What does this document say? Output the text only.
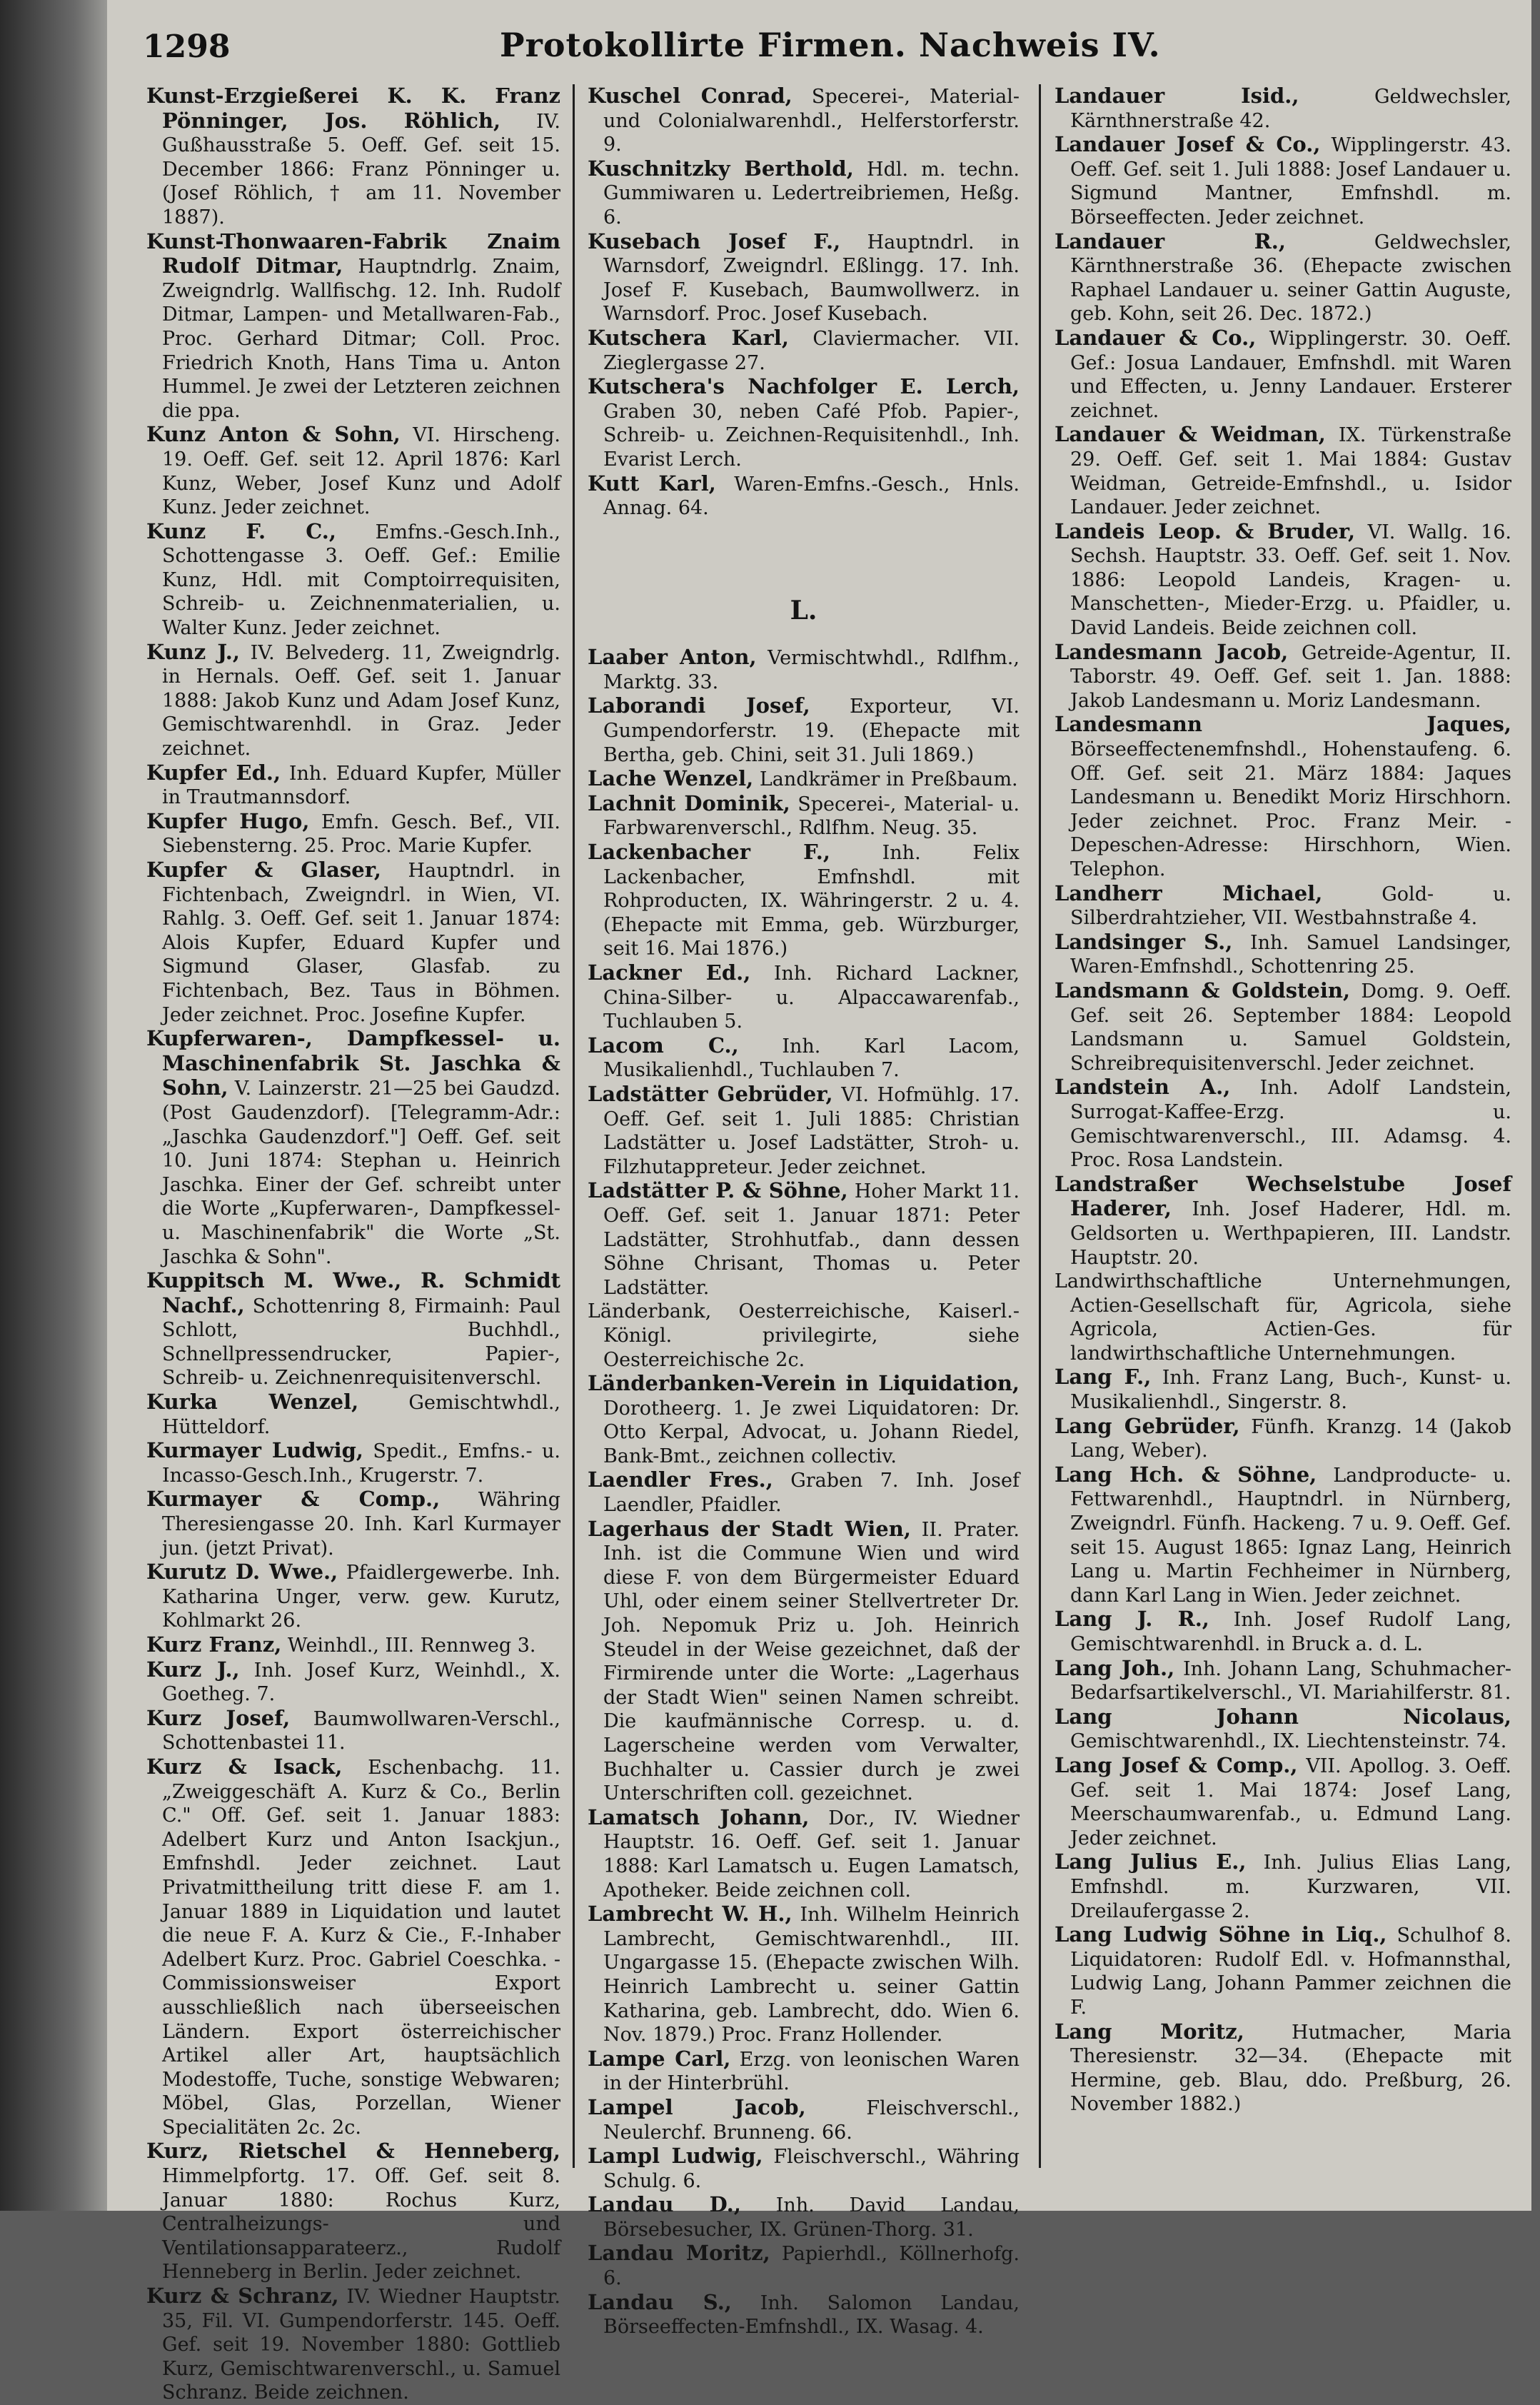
1298	Protokollirte Firmen. Nachweis IV.
Kunst-Erzgießerei K. K. Franz Pönninger, Jos. Röhlich, IV. Gußhausstraße 5. Oeff. Gef. seit 15. December 1866: Franz Pönninger u. (Josef Röhlich, † am 11. November 1887).
Kunst-Thonwaaren-Fabrik Znaim Rudolf Ditmar, Hauptndrlg. Znaim, Zweigndrlg. Wallfischg. 12. Inh. Rudolf Ditmar, Lampen- und Metallwaren-Fab., Proc. Gerhard Ditmar; Coll. Proc. Friedrich Knoth, Hans Tima u. Anton Hummel. Je zwei der Letzteren zeichnen die ppa.
Kunz Anton & Sohn, VI. Hirscheng. 19. Oeff. Gef. seit 12. April 1876: Karl Kunz, Weber, Josef Kunz und Adolf Kunz. Jeder zeichnet.
Kunz F. C., Emfns.-Gesch.Inh., Schottengasse 3. Oeff. Gef.: Emilie Kunz, Hdl. mit Comptoirrequisiten, Schreib- u. Zeichnenmaterialien, u. Walter Kunz. Jeder zeichnet.
Kunz J., IV. Belvederg. 11, Zweigndrlg. in Hernals. Oeff. Gef. seit 1. Januar 1888: Jakob Kunz und Adam Josef Kunz, Gemischtwarenhdl. in Graz. Jeder zeichnet.
Kupfer Ed., Inh. Eduard Kupfer, Müller in Trautmannsdorf.
Kupfer Hugo, Emfn. Gesch. Bef., VII. Siebensterng. 25. Proc. Marie Kupfer.
Kupfer & Glaser, Hauptndrl. in Fichtenbach, Zweigndrl. in Wien, VI. Rahlg. 3. Oeff. Gef. seit 1. Januar 1874: Alois Kupfer, Eduard Kupfer und Sigmund Glaser, Glasfab. zu Fichtenbach, Bez. Taus in Böhmen. Jeder zeichnet. Proc. Josefine Kupfer.
Kupferwaren-, Dampfkessel- u. Maschinenfabrik St. Jaschka & Sohn, V. Lainzerstr. 21—25 bei Gaudzd. (Post Gaudenzdorf). [Telegramm-Adr.: „Jaschka Gaudenzdorf."] Oeff. Gef. seit 10. Juni 1874: Stephan u. Heinrich Jaschka. Einer der Gef. schreibt unter die Worte „Kupferwaren-, Dampfkessel- u. Maschinenfabrik" die Worte „St. Jaschka & Sohn".
Kuppitsch M. Wwe., R. Schmidt Nachf., Schottenring 8, Firmainh: Paul Schlott, Buchhdl., Schnellpressendrucker, Papier-, Schreib- u. Zeichnenrequisitenverschl.
Kurka Wenzel,	Gemischtwhdl., Hütteldorf.
Kurmayer Ludwig, Spedit., Emfns.- u. Incasso-Gesch.Inh., Krugerstr. 7.
Kurmayer & Comp., Währing Theresiengasse 20. Inh. Karl Kurmayer jun. (jetzt Privat).
Kurutz D. Wwe., Pfaidlergewerbe. Inh. Katharina Unger, verw. gew. Kurutz, Kohlmarkt 26.
Kurz Franz, Weinhdl., III. Rennweg 3.
Kurz J., Inh. Josef Kurz, Weinhdl., X. Goetheg. 7.
Kurz Josef, Baumwollwaren-Verschl., Schottenbastei 11.
Kurz & Isack, Eschenbachg. 11. „Zweiggeschäft A. Kurz & Co., Berlin C." Off. Gef. seit 1. Januar 1883: Adelbert Kurz und Anton Isackjun., Emfnshdl. Jeder zeichnet. Laut Privatmittheilung tritt diese F. am 1. Januar 1889 in Liquidation und lautet die neue F. A. Kurz & Cie., F.-Inhaber Adelbert Kurz. Proc. Gabriel Coeschka. -Commissionsweiser Export ausschließlich nach überseeischen Ländern. Export österreichischer Artikel aller Art, hauptsächlich Modestoffe, Tuche, sonstige Webwaren; Möbel, Glas, Porzellan, Wiener Specialitäten 2c. 2c.
Kurz, Rietschel & Henneberg, Himmelpfortg. 17. Off. Gef. seit 8. Januar 1880: Rochus Kurz, Centralheizungs- und Ventilationsapparateerz., Rudolf Henneberg in Berlin. Jeder zeichnet.
Kurz & Schranz, IV. Wiedner Hauptstr. 35, Fil. VI. Gumpendorferstr. 145. Oeff. Gef. seit 19. November 1880: Gottlieb Kurz, Gemischtwarenverschl., u. Samuel Schranz. Beide zeichnen.
Kuschel Conrad, Specerei-, Material- und Colonialwarenhdl., Helferstorferstr. 9.
Kuschnitzky Berthold, Hdl. m. techn. Gummiwaren u. Ledertreibriemen, Heßg. 6.
Kusebach Josef F., Hauptndrl. in Warnsdorf, Zweigndrl. Eßlingg. 17. Inh. Josef F. Kusebach, Baumwollwerz. in Warnsdorf. Proc. Josef Kusebach.
Kutschera Karl, Claviermacher. VII. Zieglergasse 27.
Kutschera's Nachfolger E. Lerch, Graben 30, neben Café Pfob. Papier-, Schreib- u. Zeichnen-Requisitenhdl., Inh. Evarist Lerch.
Kutt Karl, Waren-Emfns.-Gesch., Hnls. Annag. 64.
L.
Laaber Anton, Vermischtwhdl., Rdlfhm., Marktg. 33.
Laborandi Josef, Exporteur, VI. Gumpendorferstr. 19. (Ehepacte mit Bertha, geb. Chini, seit 31. Juli 1869.)
Lache Wenzel, Landkrämer in Preßbaum.
Lachnit Dominik, Specerei-, Material- u. Farbwarenverschl., Rdlfhm. Neug. 35.
Lackenbacher F.,	Inh. Felix Lackenbacher, Emfnshdl. mit Rohproducten, IX. Währingerstr. 2 u. 4. (Ehepacte mit Emma, geb. Würzburger, seit 16. Mai 1876.)
Lackner Ed., Inh. Richard Lackner, China-Silber- u. Alpaccawarenfab., Tuchlauben 5.
Lacom C., Inh. Karl Lacom, Musikalienhdl., Tuchlauben 7.
Ladstätter Gebrüder, VI. Hofmühlg. 17. Oeff. Gef. seit 1. Juli 1885: Christian Ladstätter u. Josef Ladstätter, Stroh- u. Filzhutappreteur. Jeder zeichnet.
Ladstätter P. & Söhne, Hoher Markt 11. Oeff. Gef. seit 1. Januar 1871: Peter Ladstätter, Strohhutfab., dann dessen Söhne Chrisant, Thomas u. Peter Ladstätter.
Länderbank, Oesterreichische, Kaiserl.-Königl. privilegirte, siehe Oesterreichische 2c.
Länderbanken-Verein in Liquidation, Dorotheerg. 1. Je zwei Liquidatoren: Dr. Otto Kerpal, Advocat, u. Johann Riedel, Bank-Bmt., zeichnen collectiv.
Laendler Fres., Graben 7. Inh. Josef Laendler, Pfaidler.
Lagerhaus der Stadt Wien, II. Prater. Inh. ist die Commune Wien und wird diese F. von dem Bürgermeister Eduard Uhl, oder einem seiner Stellvertreter Dr. Joh. Nepomuk Priz u. Joh. Heinrich Steudel in der Weise gezeichnet, daß der Firmirende unter die Worte: „Lagerhaus der Stadt Wien" seinen Namen schreibt. Die kaufmännische Corresp. u. d. Lagerscheine werden vom Verwalter, Buchhalter u. Cassier durch je zwei Unterschriften coll. gezeichnet.
Lamatsch Johann, Dor., IV. Wiedner Hauptstr. 16. Oeff. Gef. seit 1. Januar 1888: Karl Lamatsch u. Eugen Lamatsch, Apotheker. Beide zeichnen coll.
Lambrecht W. H., Inh. Wilhelm Heinrich Lambrecht, Gemischtwarenhdl., III. Ungargasse 15. (Ehepacte zwischen Wilh. Heinrich Lambrecht u. seiner Gattin Katharina, geb. Lambrecht, ddo. Wien 6. Nov. 1879.) Proc. Franz Hollender.
Lampe Carl, Erzg. von leonischen Waren in der Hinterbrühl.
Lampel Jacob,	Fleischverschl., Neulerchf. Brunneng. 66.
Lampl Ludwig, Fleischverschl., Währing Schulg. 6.
Landau D., Inh. David Landau, Börsebesucher, IX. Grünen-Thorg. 31.
Landau Moritz, Papierhdl., Köllnerhofg. 6.
Landau S., Inh. Salomon Landau, Börseeffecten-Emfnshdl., IX. Wasag. 4.
Landauer Isid.,	Geldwechsler, Kärnthnerstraße 42.
Landauer Josef & Co., Wipplingerstr. 43. Oeff. Gef. seit 1. Juli 1888: Josef Landauer u. Sigmund Mantner, Emfnshdl. m. Börseeffecten. Jeder zeichnet.
Landauer R.,	Geldwechsler, Kärnthnerstraße 36. (Ehepacte zwischen Raphael Landauer u. seiner Gattin Auguste, geb. Kohn, seit 26. Dec. 1872.)
Landauer & Co., Wipplingerstr. 30. Oeff. Gef.: Josua Landauer, Emfnshdl. mit Waren und Effecten, u. Jenny Landauer. Ersterer zeichnet.
Landauer & Weidman, IX. Türkenstraße 29. Oeff. Gef. seit 1. Mai 1884: Gustav Weidman, Getreide-Emfnshdl., u. Isidor Landauer. Jeder zeichnet.
Landeis Leop. & Bruder, VI. Wallg. 16. Sechsh. Hauptstr. 33. Oeff. Gef. seit 1. Nov. 1886: Leopold Landeis, Kragen- u. Manschetten-, Mieder-Erzg. u. Pfaidler, u. David Landeis. Beide zeichnen coll.
Landesmann Jacob, Getreide-Agentur, II. Taborstr. 49. Oeff. Gef. seit 1. Jan. 1888: Jakob Landesmann u. Moriz Landesmann.
Landesmann Jaques, Börseeffectenemfnshdl., Hohenstaufeng. 6. Off. Gef. seit 21. März 1884: Jaques Landesmann u. Benedikt Moriz Hirschhorn. Jeder zeichnet. Proc. Franz Meir. - Depeschen-Adresse: Hirschhorn, Wien. Telephon.
Landherr Michael,	Gold- u. Silberdrahtzieher, VII. Westbahnstraße 4.
Landsinger S., Inh. Samuel Landsinger, Waren-Emfnshdl., Schottenring 25.
Landsmann & Goldstein, Domg. 9. Oeff. Gef. seit 26. September 1884: Leopold Landsmann u. Samuel Goldstein, Schreibrequisitenverschl. Jeder zeichnet.
Landstein A., Inh. Adolf Landstein, Surrogat-Kaffee-Erzg. u. Gemischtwarenverschl., III. Adamsg. 4. Proc. Rosa Landstein.
Landstraßer Wechselstube Josef Haderer, Inh. Josef Haderer, Hdl. m. Geldsorten u. Werthpapieren, III. Landstr. Hauptstr. 20.
Landwirthschaftliche Unternehmungen, Actien-Gesellschaft für, Agricola, siehe Agricola, Actien-Ges. für landwirthschaftliche Unternehmungen.
Lang F., Inh. Franz Lang, Buch-, Kunst- u. Musikalienhdl., Singerstr. 8.
Lang Gebrüder, Fünfh. Kranzg. 14 (Jakob Lang, Weber).
Lang Hch. & Söhne, Landproducte- u. Fettwarenhdl., Hauptndrl. in Nürnberg, Zweigndrl. Fünfh. Hackeng. 7 u. 9. Oeff. Gef. seit 15. August 1865: Ignaz Lang, Heinrich Lang u. Martin Fechheimer in Nürnberg, dann Karl Lang in Wien. Jeder zeichnet.
Lang J. R., Inh. Josef Rudolf Lang, Gemischtwarenhdl. in Bruck a. d. L.
Lang Joh., Inh. Johann Lang, Schuhmacher-Bedarfsartikelverschl., VI. Mariahilferstr. 81.
Lang Johann Nicolaus, Gemischtwarenhdl., IX. Liechtensteinstr. 74.
Lang Josef & Comp., VII. Apollog. 3. Oeff. Gef. seit 1. Mai 1874: Josef Lang, Meerschaumwarenfab., u. Edmund Lang. Jeder zeichnet.
Lang Julius E., Inh. Julius Elias Lang, Emfnshdl. m. Kurzwaren, VII. Dreilaufergasse 2.
Lang Ludwig Söhne in Liq., Schulhof 8. Liquidatoren: Rudolf Edl. v. Hofmannsthal, Ludwig Lang, Johann Pammer zeichnen die F.
Lang Moritz, Hutmacher, Maria Theresienstr. 32—34. (Ehepacte mit Hermine, geb. Blau, ddo. Preßburg, 26. November 1882.)
